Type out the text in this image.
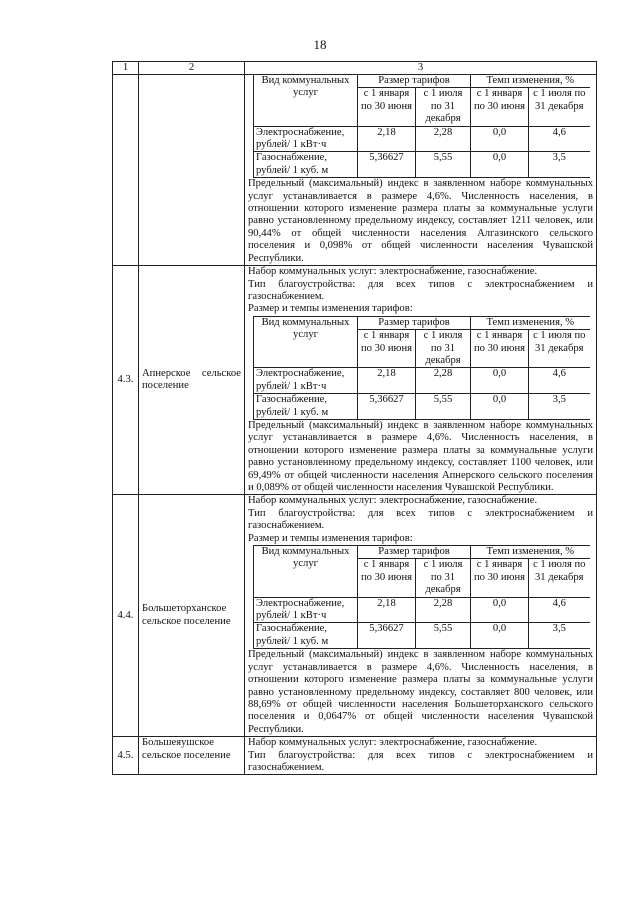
18
1	2	3

Вид коммунальных услуг	Размер тарифов	Темп изменения, %
с 1 января по 30 июня	с 1 июля по 31 декабря	с 1 января по 30 июня	с 1 июля по 31 декабря
Электроснабжение, рублей/ 1 кВт·ч	2,18	2,28	0,0	4,6
Газоснабжение, рублей/ 1 куб. м	5,36627	5,55	0,0	3,5

Предельный (максимальный) индекс в заявленном наборе коммунальных услуг устанавливается в размере 4,6%. Численность населения, в отношении которого изменение размера платы за коммунальные услуги равно установленному предельному индексу, составляет 1211 человек, или 90,44% от общей численности населения Алгазинского сельского поселения и 0,098% от общей численности населения Чувашской Республики.

4.3.	Апнерское сельское поселение	

Набор коммунальных услуг: электроснабжение, газоснабжение.

Тип благоустройства: для всех типов с электроснабжением и газоснабжением.

Размер и темпы изменения тарифов:

Вид коммунальных услуг	Размер тарифов	Темп изменения, %
с 1 января по 30 июня	с 1 июля по 31 декабря	с 1 января по 30 июня	с 1 июля по 31 декабря
Электроснабжение, рублей/ 1 кВт·ч	2,18	2,28	0,0	4,6
Газоснабжение, рублей/ 1 куб. м	5,36627	5,55	0,0	3,5

Предельный (максимальный) индекс в заявленном наборе коммунальных услуг устанавливается в размере 4,6%. Численность населения, в отношении которого изменение размера платы за коммунальные услуги равно установленному предельному индексу, составляет 1100 человек, или 69,49% от общей численности населения Апнерского сельского поселения и 0,089% от общей численности населения Чувашской Республики.

4.4.	Большеторханское сельское поселение	

Набор коммунальных услуг: электроснабжение, газоснабжение.

Тип благоустройства: для всех типов с электроснабжением и газоснабжением.

Размер и темпы изменения тарифов:

Вид коммунальных услуг	Размер тарифов	Темп изменения, %
с 1 января по 30 июня	с 1 июля по 31 декабря	с 1 января по 30 июня	с 1 июля по 31 декабря
Электроснабжение, рублей/ 1 кВт·ч	2,18	2,28	0,0	4,6
Газоснабжение, рублей/ 1 куб. м	5,36627	5,55	0,0	3,5

Предельный (максимальный) индекс в заявленном наборе коммунальных услуг устанавливается в размере 4,6%. Численность населения, в отношении которого изменение размера платы за коммунальные услуги равно установленному предельному индексу, составляет 800 человек, или 88,69% от общей численности населения Большеторханского сельского поселения и 0,0647% от общей численности населения Чувашской Республики.

4.5.	Большеяушское сельское поселение	

Набор коммунальных услуг: электроснабжение, газоснабжение.

Тип благоустройства: для всех типов с электроснабжением и газоснабжением.
